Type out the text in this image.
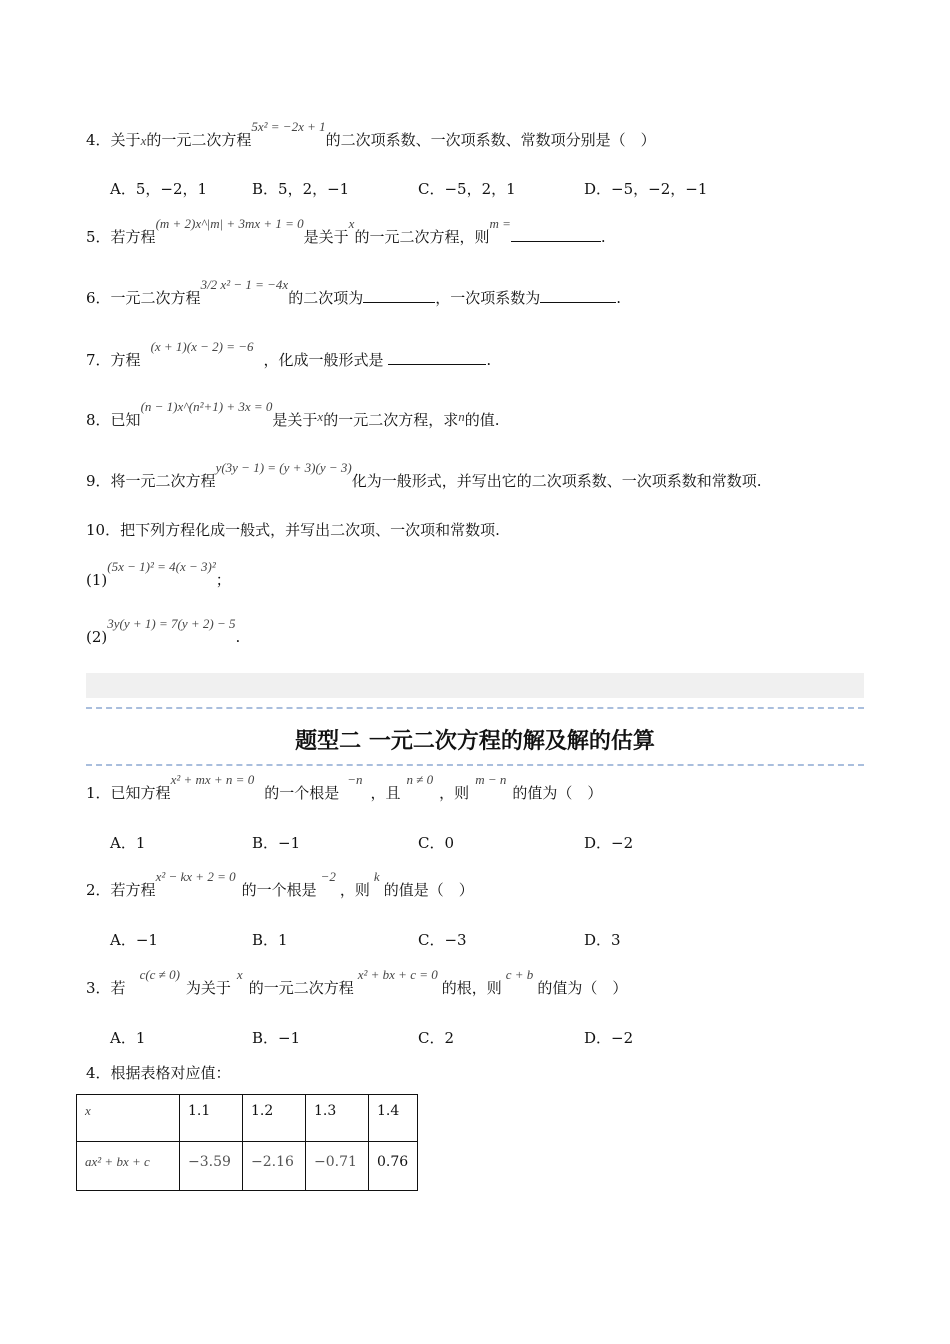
4．关于x的一元二次方程5x² = −2x + 1的二次项系数、一次项系数、常数项分别是（　）
A．5，−2，1	B．5，2，−1	C．−5，2，1	D．−5，−2，−1
5．若方程(m + 2)x^|m| + 3mx + 1 = 0是关于x的一元二次方程，则m =.
6．一元二次方程3/2 x² − 1 = −4x的二次项为	，一次项系数为	.
7．方程(x + 1)(x − 2) = −6，化成一般形式是	.
8．已知(n − 1)x^(n²+1) + 3x = 0是关于x的一元二次方程，求n的值.
9．将一元二次方程y(3y − 1) = (y + 3)(y − 3)化为一般形式，并写出它的二次项系数、一次项系数和常数项.
10．把下列方程化成一般式，并写出二次项、一次项和常数项.
(1)(5x − 1)² = 4(x − 3)²；
(2)3y(y + 1) = 7(y + 2) − 5.
题型二 一元二次方程的解及解的估算
1．已知方程x² + mx + n = 0的一个根是−n，且n ≠ 0，则m − n的值为（　）
A．1	B．−1	C．0	D．−2
2．若方程x² − kx + 2 = 0的一个根是−2，则k的值是（　）
A．−1	B．1	C．−3	D．3
3．若c(c ≠ 0)为关于x的一元二次方程x² + bx + c = 0的根，则c + b的值为（　）
A．1	B．−1	C．2	D．−2
4．根据表格对应值：
x	1.1	1.2	1.3	1.4
ax² + bx + c	−3.59	−2.16	−0.71	0.76
